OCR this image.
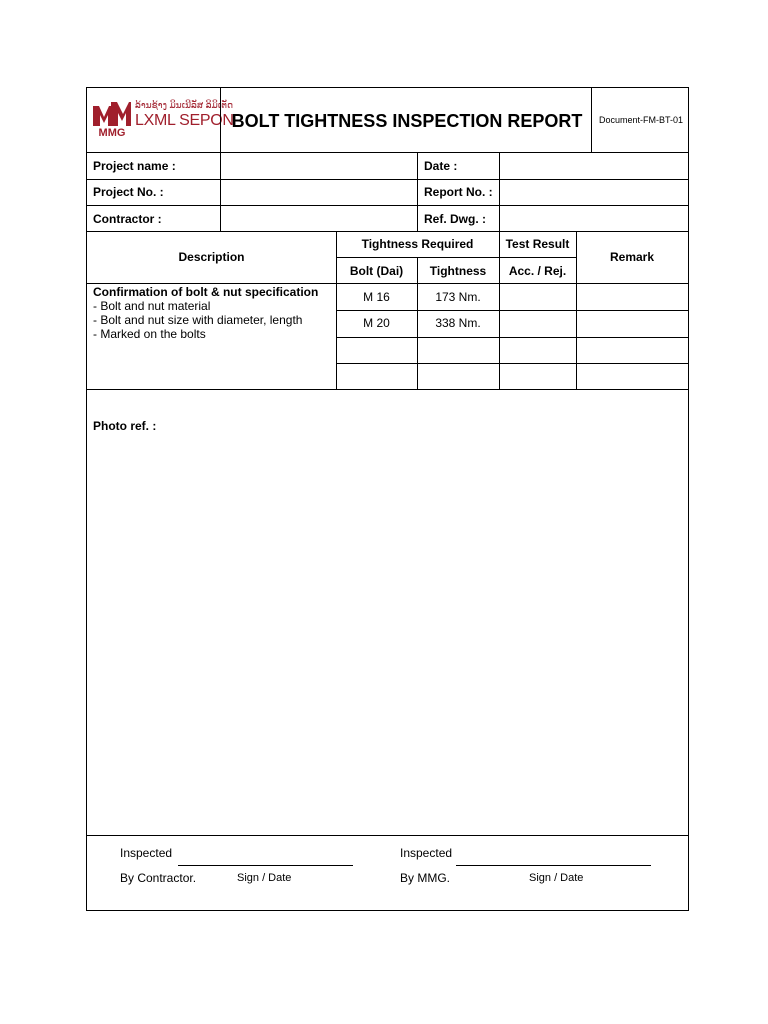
MMG
ລ້ານຊ້າງ ມິນເນີລັສ ລິມິເຕັດ
LXML SEPON
BOLT TIGHTNESS INSPECTION REPORT	Document-FM-BT-01
Project name :	Date :
Project No. :	Report No. :
Contractor :	Ref. Dwg. :
Description
Tightness Required
Bolt (Dai)	Tightness
Test Result
Acc. / Rej.
Remark
Confirmation of bolt & nut specification
- Bolt and nut material
- Bolt and nut size with diameter, length
- Marked on the bolts
M 16	173 Nm.
M 20	338 Nm.
Photo ref. :
Inspected
By Contractor.	Sign / Date
Inspected
By MMG.	Sign / Date
